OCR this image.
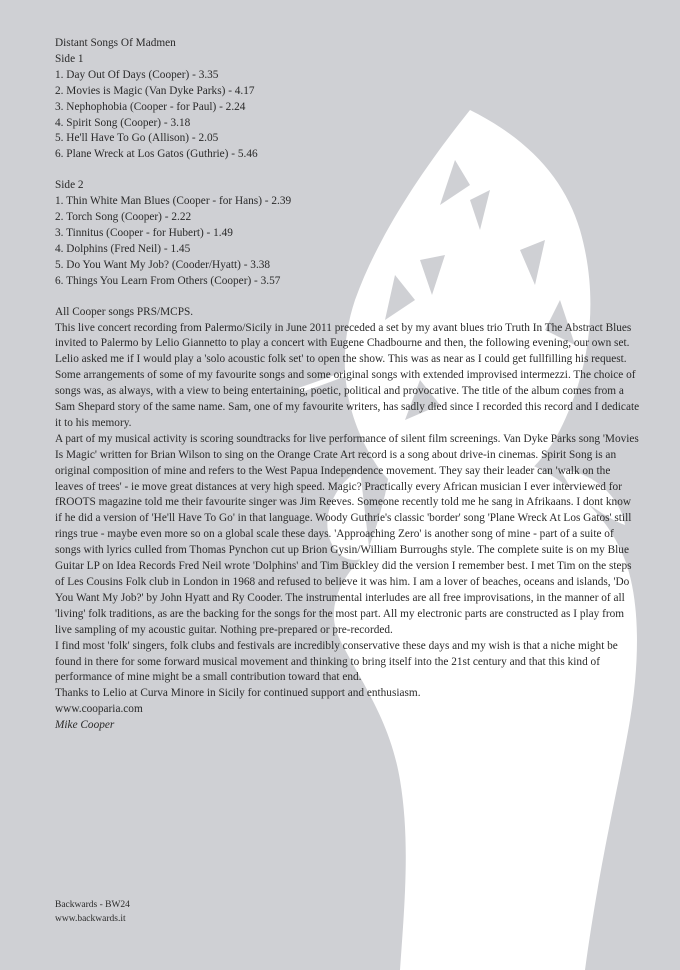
Distant Songs Of Madmen

Side 1

1. Day Out Of Days (Cooper) - 3.35
2. Movies is Magic (Van Dyke Parks) - 4.17
3. Nephophobia (Cooper - for Paul) - 2.24
4. Spirit Song (Cooper) - 3.18
5. He'll Have To Go (Allison) - 2.05
6. Plane Wreck at Los Gatos (Guthrie) - 5.46

Side 2

1. Thin White Man Blues (Cooper - for Hans) - 2.39
2. Torch Song (Cooper) - 2.22
3. Tinnitus (Cooper - for Hubert) - 1.49
4. Dolphins (Fred Neil) - 1.45
5. Do You Want My Job? (Cooder/Hyatt) - 3.38
6. Things You Learn From Others (Cooper) - 3.57

All Cooper songs PRS/MCPS.

This live concert recording from Palermo/Sicily in June 2011 preceded a set by my avant blues trio Truth In The Abstract Blues invited to Palermo by Lelio Giannetto to play a concert with Eugene Chadbourne and then, the following evening, our own set. Lelio asked me if I would play a 'solo acoustic folk set' to open the show. This was as near as I could get fullfilling his request. Some arrangements of some of my favourite songs and some original songs with extended improvised intermezzi. The choice of songs was, as always, with a view to being entertaining, poetic, political and provocative. The title of the album comes from a Sam Shepard story of the same name. Sam, one of my favourite writers, has sadly died since I recorded this record and I dedicate it to his memory.

A part of my musical activity is scoring soundtracks for live performance of silent film screenings. Van Dyke Parks song 'Movies Is Magic' written for Brian Wilson to sing on the Orange Crate Art record is a song about drive-in cinemas. Spirit Song is an original composition of mine and refers to the West Papua Independence movement. They say their leader can 'walk on the leaves of trees' - ie move great distances at very high speed. Magic? Practically every African musician I ever interviewed for fROOTS magazine told me their favourite singer was Jim Reeves. Someone recently told me he sang in Afrikaans. I dont know if he did a version of 'He'll Have To Go' in that language. Woody Guthrie's classic 'border' song 'Plane Wreck At Los Gatos' still rings true - maybe even more so on a global scale these days. 'Approaching Zero' is another song of mine - part of a suite of songs with lyrics culled from Thomas Pynchon cut up Brion Gysin/William Burroughs style. The complete suite is on my Blue Guitar LP on Idea Records Fred Neil wrote 'Dolphins' and Tim Buckley did the version I remember best. I met Tim on the steps of Les Cousins Folk club in London in 1968 and refused to believe it was him. I am a lover of beaches, oceans and islands, 'Do You Want My Job?' by John Hyatt and Ry Cooder. The instrumental interludes are all free improvisations, in the manner of all 'living' folk traditions, as are the backing for the songs for the most part. All my electronic parts are constructed as I play from live sampling of my acoustic guitar. Nothing pre-prepared or pre-recorded.

I find most 'folk' singers, folk clubs and festivals are incredibly conservative these days and my wish is that a niche might be found in there for some forward musical movement and thinking to bring itself into the 21st century and that this kind of performance of mine might be a small contribution toward that end.

Thanks to Lelio at Curva Minore in Sicily for continued support and enthusiasm.

www.cooparia.com

Mike Cooper

Backwards - BW24
www.backwards.it
